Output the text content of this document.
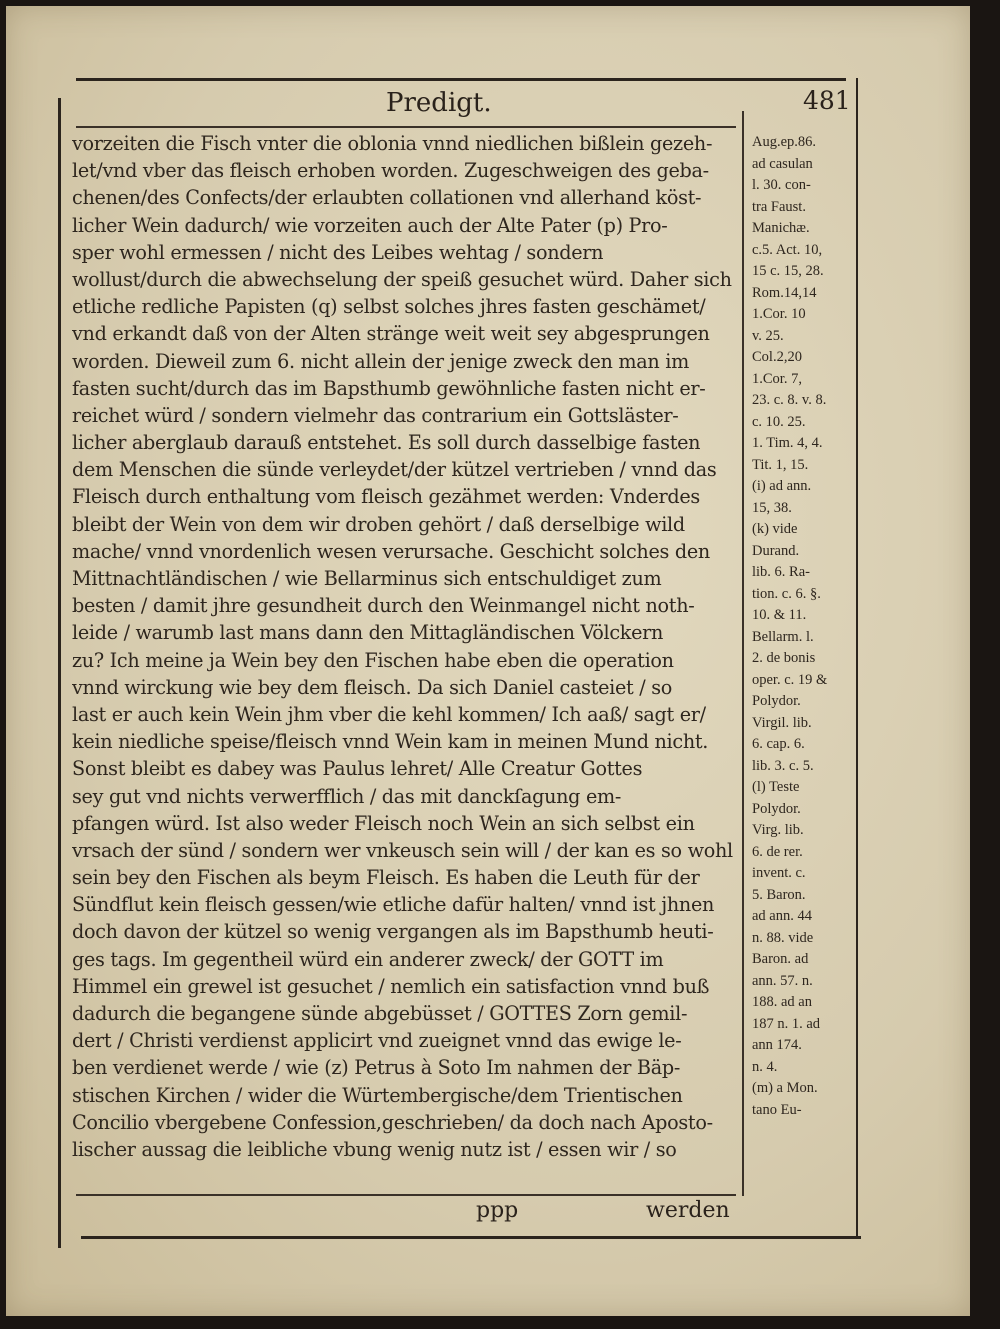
Predigt.	481
vorzeiten die Fisch vnter die oblonia vnnd niedlichen bißlein gezeh-
let/vnd vber das fleisch erhoben worden. Zugeschweigen des geba-
chenen/des Confects/der erlaubten collationen vnd allerhand köst-
licher Wein dadurch/ wie vorzeiten auch der Alte Pater (p) Pro-
sper wohl ermessen / nicht des Leibes wehtag / sondern
wollust/durch die abwechselung der speiß gesuchet würd. Daher sich
etliche redliche Papisten (q) selbst solches jhres fasten geschämet/
vnd erkandt daß von der Alten stränge weit weit sey abgesprungen
worden. Dieweil zum 6. nicht allein der jenige zweck den man im
fasten sucht/durch das im Bapsthumb gewöhnliche fasten nicht er-
reichet würd / sondern vielmehr das contrarium ein Gottsläster-
licher aberglaub darauß entstehet. Es soll durch dasselbige fasten
dem Menschen die sünde verleydet/der kützel vertrieben / vnnd das
Fleisch durch enthaltung vom fleisch gezähmet werden: Vnderdes
bleibt der Wein von dem wir droben gehört / daß derselbige wild
mache/ vnnd vnordenlich wesen verursache. Geschicht solches den
Mittnachtländischen / wie Bellarminus sich entschuldiget zum
besten / damit jhre gesundheit durch den Weinmangel nicht noth-
leide / warumb last mans dann den Mittagländischen Völckern
zu? Ich meine ja Wein bey den Fischen habe eben die operation
vnnd wirckung wie bey dem fleisch. Da sich Daniel casteiet / so
last er auch kein Wein jhm vber die kehl kommen/ Ich aaß/ sagt er/
kein niedliche speise/fleisch vnnd Wein kam in meinen Mund nicht.
Sonst bleibt es dabey was Paulus lehret/ Alle Creatur Gottes
sey gut vnd nichts verwerfflich / das mit danckſagung em-
pfangen würd. Ist also weder Fleisch noch Wein an sich selbst ein
vrsach der sünd / sondern wer vnkeusch sein will / der kan es so wohl
sein bey den Fischen als beym Fleisch. Es haben die Leuth für der
Sündflut kein fleisch gessen/wie etliche dafür halten/ vnnd ist jhnen
doch davon der kützel so wenig vergangen als im Bapsthumb heuti-
ges tags. Im gegentheil würd ein anderer zweck/ der GOTT im
Himmel ein grewel ist gesuchet / nemlich ein satisfaction vnnd buß
dadurch die begangene sünde abgebüsset / GOTTES Zorn gemil-
dert / Christi verdienst applicirt vnd zueignet vnnd das ewige le-
ben verdienet werde / wie (z) Petrus à Soto Im nahmen der Bäp-
stischen Kirchen / wider die Würtembergische/dem Trientischen
Concilio vbergebene Confession,geschrieben/ da doch nach Aposto-
lischer aussag die leibliche vbung wenig nutz ist / essen wir / so
Aug.ep.86.
ad casulan
l. 30. con-
tra Faust.
Manichæ.
c.5. Act. 10,
15 c. 15, 28.
Rom.14,14
1.Cor. 10
v. 25.
Col.2,20
1.Cor. 7,
23. c. 8. v. 8.
c. 10. 25.
1. Tim. 4, 4.
Tit. 1, 15.
(i) ad ann.
15, 38.
(k) vide
Durand.
lib. 6. Ra-
tion. c. 6. §.
10. & 11.
Bellarm. l.
2. de bonis
oper. c. 19 &
Polydor.
Virgil. lib.
6. cap. 6.
lib. 3. c. 5.
(l) Teste
Polydor.
Virg. lib.
6. de rer.
invent. c.
5. Baron.
ad ann. 44
n. 88. vide
Baron. ad
ann. 57. n.
188. ad an
187 n. 1. ad
ann 174.
n. 4.
(m) a Mon.
tano Eu-
ppp	werden
